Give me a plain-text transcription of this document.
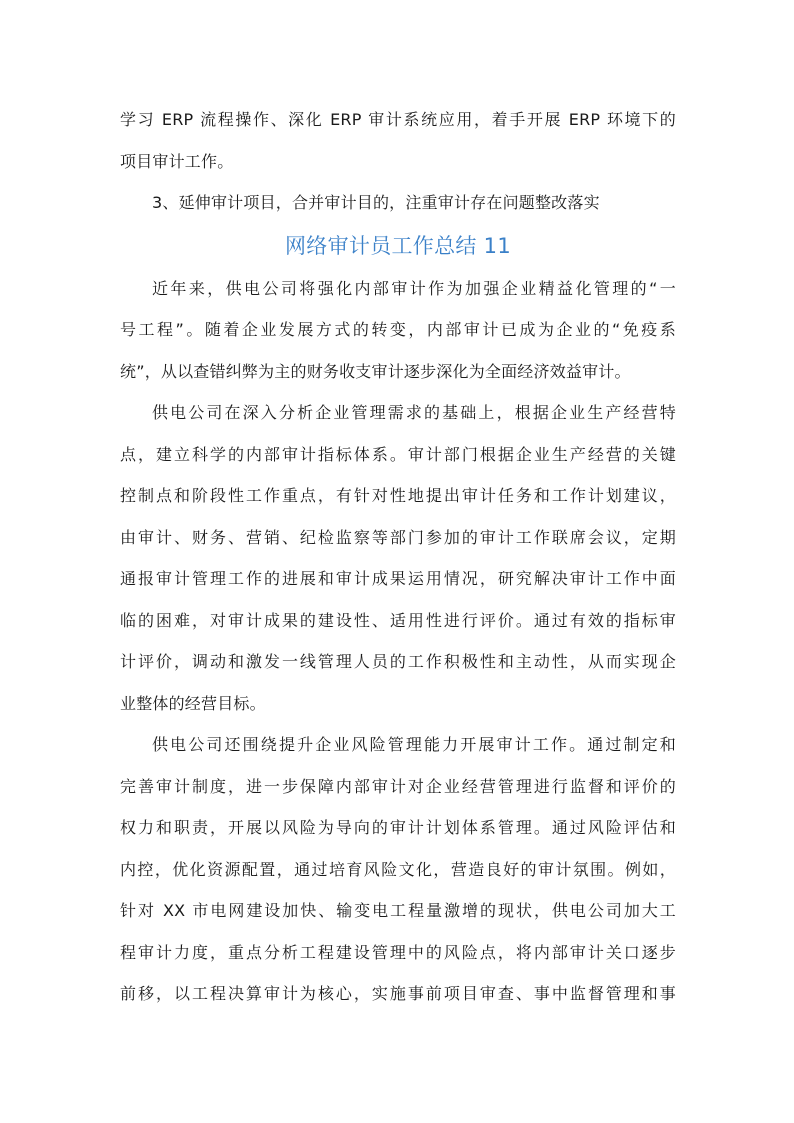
学习 ERP 流程操作、深化 ERP 审计系统应用，着手开展 ERP 环境下的
项目审计工作。
3、延伸审计项目，合并审计目的，注重审计存在问题整改落实
网络审计员工作总结 11
近年来，供电公司将强化内部审计作为加强企业精益化管理的“一
号工程”。随着企业发展方式的转变，内部审计已成为企业的“免疫系
统”，从以查错纠弊为主的财务收支审计逐步深化为全面经济效益审计。
供电公司在深入分析企业管理需求的基础上，根据企业生产经营特
点，建立科学的内部审计指标体系。审计部门根据企业生产经营的关键
控制点和阶段性工作重点，有针对性地提出审计任务和工作计划建议，
由审计、财务、营销、纪检监察等部门参加的审计工作联席会议，定期
通报审计管理工作的进展和审计成果运用情况，研究解决审计工作中面
临的困难，对审计成果的建设性、适用性进行评价。通过有效的指标审
计评价，调动和激发一线管理人员的工作积极性和主动性，从而实现企
业整体的经营目标。
供电公司还围绕提升企业风险管理能力开展审计工作。通过制定和
完善审计制度，进一步保障内部审计对企业经营管理进行监督和评价的
权力和职责，开展以风险为导向的审计计划体系管理。通过风险评估和
内控，优化资源配置，通过培育风险文化，营造良好的审计氛围。例如，
针对 XX 市电网建设加快、输变电工程量激增的现状，供电公司加大工
程审计力度，重点分析工程建设管理中的风险点，将内部审计关口逐步
前移，以工程决算审计为核心，实施事前项目审查、事中监督管理和事
